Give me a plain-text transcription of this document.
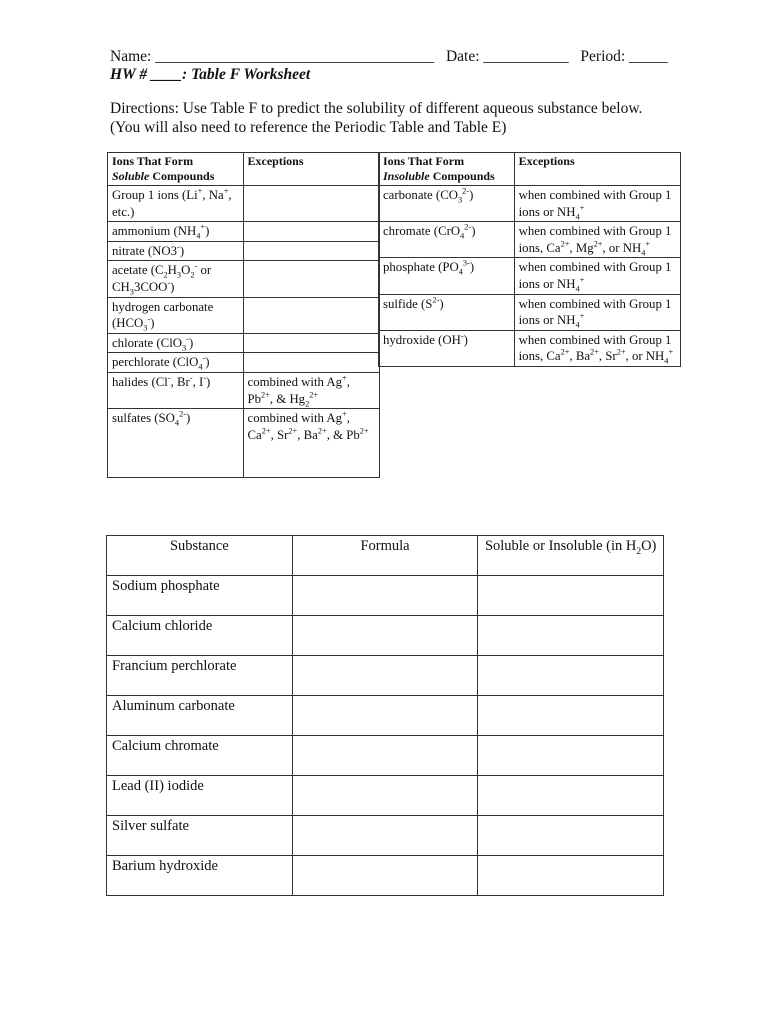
Name: ____________________________________ Date: ___________ Period: _____
HW # ____: Table F Worksheet
Directions: Use Table F to predict the solubility of different aqueous substance below.
(You will also need to reference the Periodic Table and Table E)
Ions That Form
Soluble Compounds	Exceptions
Group 1 ions (Li+, Na+, etc.)	
ammonium $(NH_4^+)$	
nitrate (NO3-)	
acetate ($C_2H_3O_2^-$ or $CH_33COO^-$)	
hydrogen carbonate $(HCO_3^-)$	
chlorate (ClO$_3$-)	
perchlorate (ClO$_4$-)	
halides (Cl-, Br-, I-)	combined with Ag+, $Pb^{2+}$, & $Hg_2^{2+}$
sulfates $(SO_4^{2-})$	combined with Ag+, $Ca^{2+}$, $Sr^{2+}$, $Ba^{2+}$, & $Pb^{2+}$
Ions That Form
Insoluble Compounds	Exceptions
carbonate $(CO_3^{2-})$	when combined with Group 1 ions or $NH_4^+$
chromate (CrO$_4^{2-}$)	when combined with Group 1 ions, $Ca^{2+}$, $Mg^{2+}$, or $NH_4^+$
phosphate $(PO_4^{3-})$	when combined with Group 1 ions or $NH_4^+$
sulfide $(S^{2-})$	when combined with Group 1 ions or $NH_4^+$
hydroxide (OH-)	when combined with Group 1 ions, $Ca^{2+}$, $Ba^{2+}$, $Sr^{2+}$, or $NH_4^+$
Substance	Formula	Soluble or Insoluble (in $H_2O$)
Sodium phosphate		
Calcium chloride		
Francium perchlorate		
Aluminum carbonate		
Calcium chromate		
Lead (II) iodide		
Silver sulfate		
Barium hydroxide		
